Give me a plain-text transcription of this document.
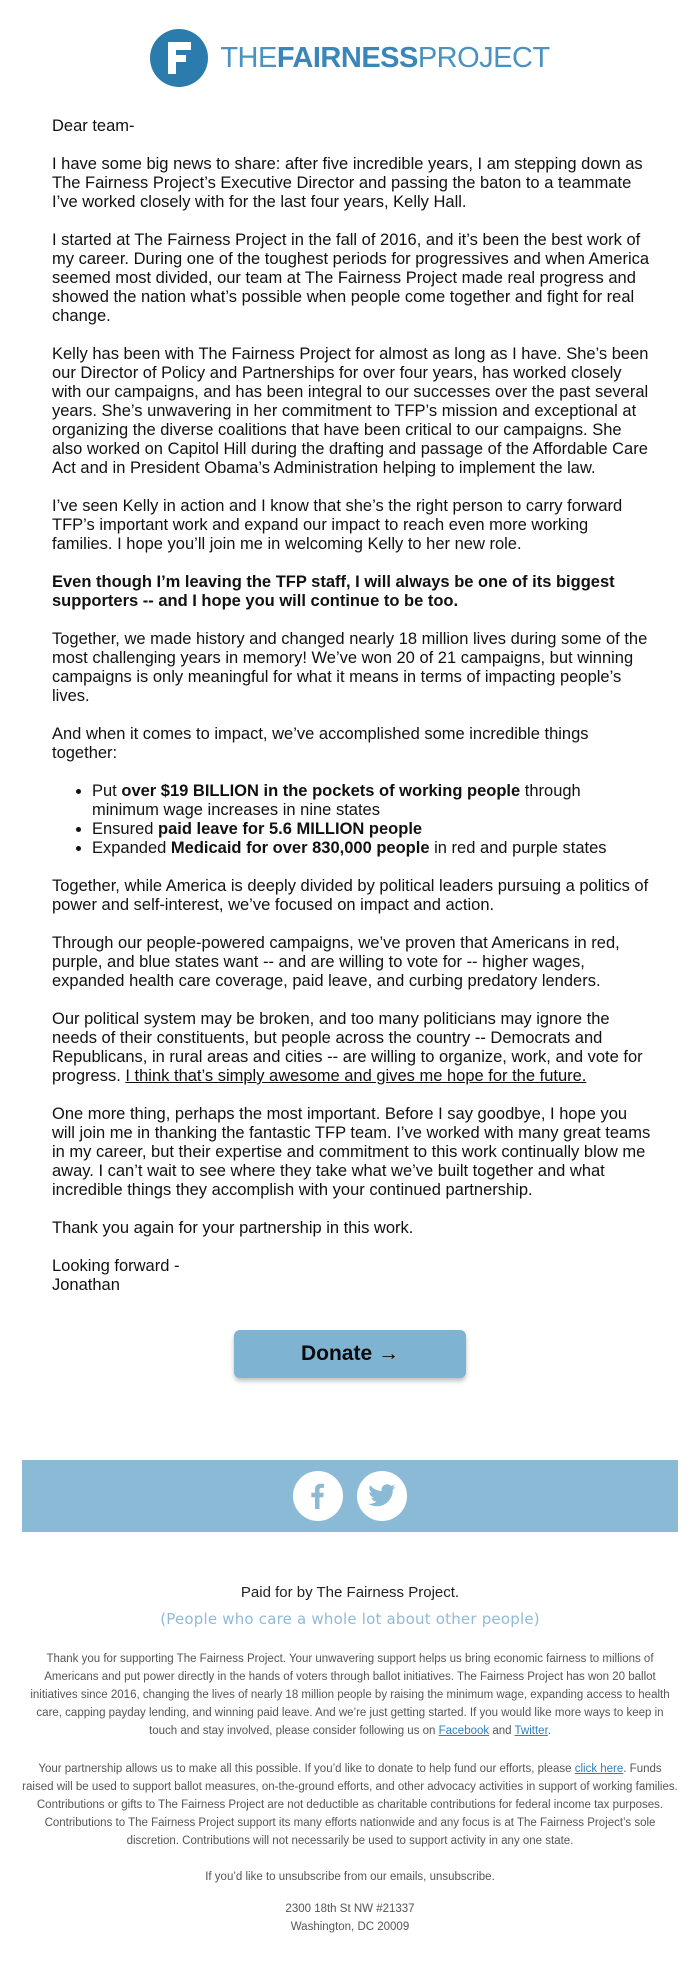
THE FAIRNESS PROJECT

Dear team-

I have some big news to share: after five incredible years, I am stepping down as The Fairness Project’s Executive Director and passing the baton to a teammate I’ve worked closely with for the last four years, Kelly Hall.

I started at The Fairness Project in the fall of 2016, and it’s been the best work of my career. During one of the toughest periods for progressives and when America seemed most divided, our team at The Fairness Project made real progress and showed the nation what’s possible when people come together and fight for real change.

Kelly has been with The Fairness Project for almost as long as I have. She’s been our Director of Policy and Partnerships for over four years, has worked closely with our campaigns, and has been integral to our successes over the past several years. She’s unwavering in her commitment to TFP’s mission and exceptional at organizing the diverse coalitions that have been critical to our campaigns. She also worked on Capitol Hill during the drafting and passage of the Affordable Care Act and in President Obama’s Administration helping to implement the law.

I’ve seen Kelly in action and I know that she’s the right person to carry forward TFP’s important work and expand our impact to reach even more working families. I hope you’ll join me in welcoming Kelly to her new role.

Even though I’m leaving the TFP staff, I will always be one of its biggest supporters -- and I hope you will continue to be too.

Together, we made history and changed nearly 18 million lives during some of the most challenging years in memory! We’ve won 20 of 21 campaigns, but winning campaigns is only meaningful for what it means in terms of impacting people’s lives.

And when it comes to impact, we’ve accomplished some incredible things together:

• Put over $19 BILLION in the pockets of working people through minimum wage increases in nine states
• Ensured paid leave for 5.6 MILLION people
• Expanded Medicaid for over 830,000 people in red and purple states

Together, while America is deeply divided by political leaders pursuing a politics of power and self-interest, we’ve focused on impact and action.

Through our people-powered campaigns, we’ve proven that Americans in red, purple, and blue states want -- and are willing to vote for -- higher wages, expanded health care coverage, paid leave, and curbing predatory lenders.

Our political system may be broken, and too many politicians may ignore the needs of their constituents, but people across the country -- Democrats and Republicans, in rural areas and cities -- are willing to organize, work, and vote for progress. I think that’s simply awesome and gives me hope for the future.

One more thing, perhaps the most important. Before I say goodbye, I hope you will join me in thanking the fantastic TFP team. I’ve worked with many great teams in my career, but their expertise and commitment to this work continually blow me away. I can’t wait to see where they take what we’ve built together and what incredible things they accomplish with your continued partnership.

Thank you again for your partnership in this work.

Looking forward -
Jonathan

Donate →
Paid for by The Fairness Project.
(People who care a whole lot about other people)
Thank you for supporting The Fairness Project. Your unwavering support helps us bring economic fairness to millions of Americans and put power directly in the hands of voters through ballot initiatives. The Fairness Project has won 20 ballot initiatives since 2016, changing the lives of nearly 18 million people by raising the minimum wage, expanding access to health care, capping payday lending, and winning paid leave. And we’re just getting started. If you would like more ways to keep in touch and stay involved, please consider following us on Facebook and Twitter.
Your partnership allows us to make all this possible. If you’d like to donate to help fund our efforts, please click here. Funds raised will be used to support ballot measures, on-the-ground efforts, and other advocacy activities in support of working families. Contributions or gifts to The Fairness Project are not deductible as charitable contributions for federal income tax purposes. Contributions to The Fairness Project support its many efforts nationwide and any focus is at The Fairness Project’s sole discretion. Contributions will not necessarily be used to support activity in any one state.
If you’d like to unsubscribe from our emails, unsubscribe.
2300 18th St NW #21337
Washington, DC 20009
